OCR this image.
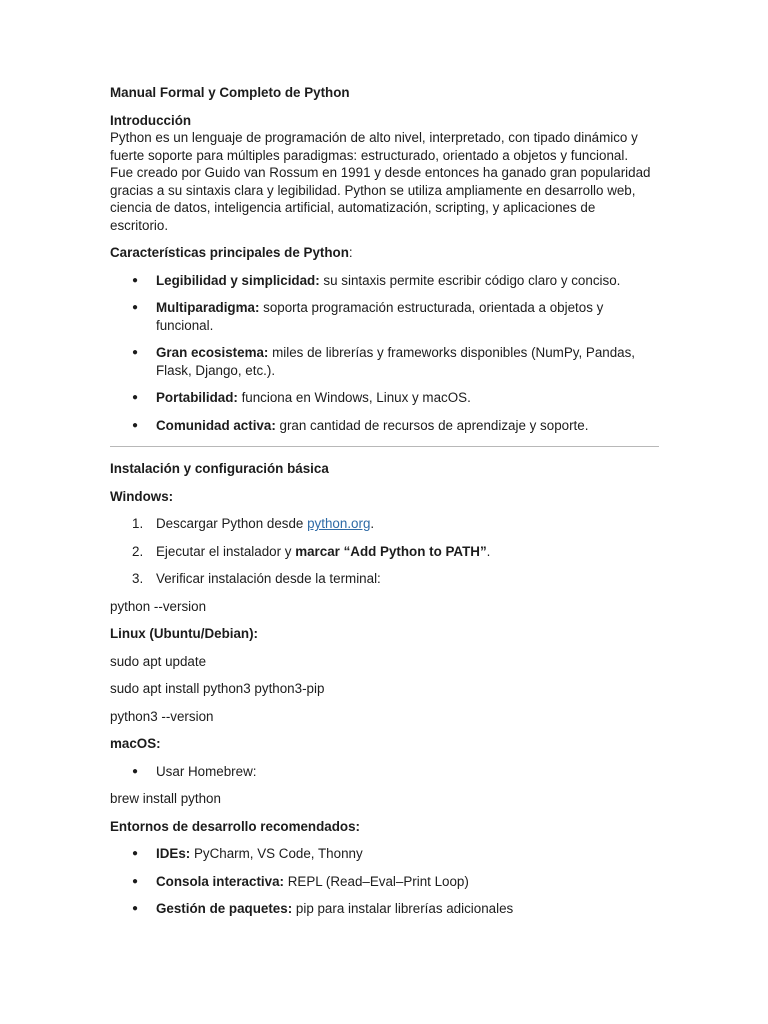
Manual Formal y Completo de Python

Introducción

Python es un lenguaje de programación de alto nivel, interpretado, con tipado dinámico y

fuerte soporte para múltiples paradigmas: estructurado, orientado a objetos y funcional.

Fue creado por Guido van Rossum en 1991 y desde entonces ha ganado gran popularidad

gracias a su sintaxis clara y legibilidad. Python se utiliza ampliamente en desarrollo web,

ciencia de datos, inteligencia artificial, automatización, scripting, y aplicaciones de

escritorio.

Características principales de Python:

● Legibilidad y simplicidad: su sintaxis permite escribir código claro y conciso.
● Multiparadigma: soporta programación estructurada, orientada a objetos y
funcional.
● Gran ecosistema: miles de librerías y frameworks disponibles (NumPy, Pandas,
Flask, Django, etc.).
● Portabilidad: funciona en Windows, Linux y macOS.
● Comunidad activa: gran cantidad de recursos de aprendizaje y soporte.

Instalación y configuración básica

Windows:

1. Descargar Python desde python.org.
2. Ejecutar el instalador y marcar “Add Python to PATH”.
3. Verificar instalación desde la terminal:

python --version

Linux (Ubuntu/Debian):

sudo apt update

sudo apt install python3 python3-pip

python3 --version

macOS:

● Usar Homebrew:

brew install python

Entornos de desarrollo recomendados:

● IDEs: PyCharm, VS Code, Thonny
● Consola interactiva: REPL (Read–Eval–Print Loop)
● Gestión de paquetes: pip para instalar librerías adicionales
